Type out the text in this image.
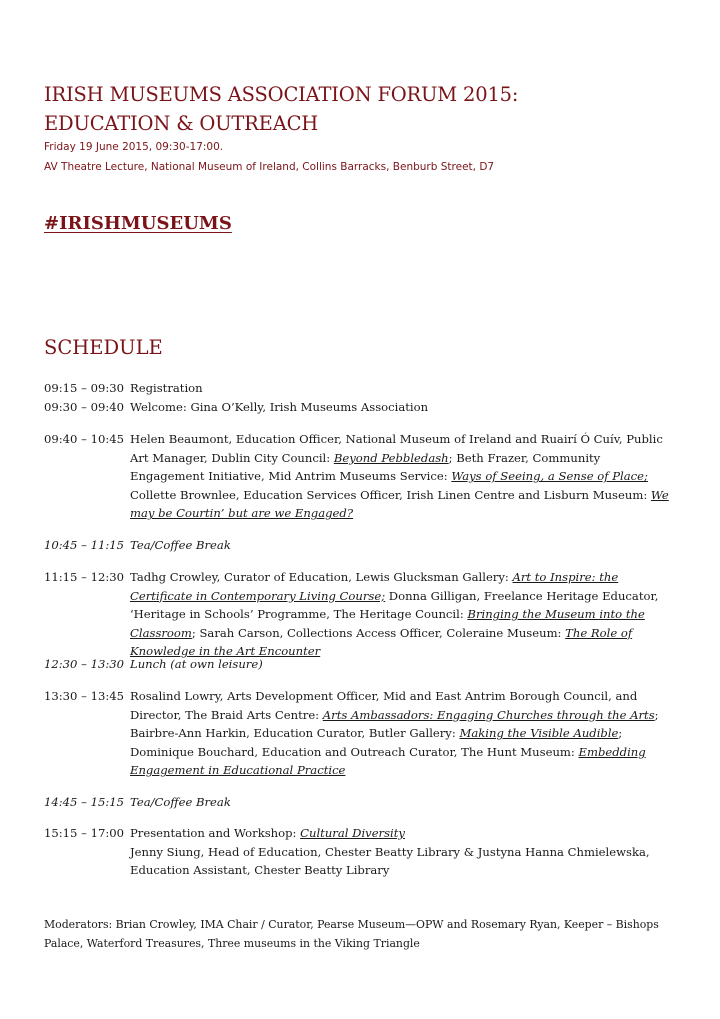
IRISH MUSEUMS ASSOCIATION FORUM 2015:
EDUCATION & OUTREACH
Friday 19 June 2015, 09:30-17:00.
AV Theatre Lecture, National Museum of Ireland, Collins Barracks, Benburb Street, D7
#IRISHMUSEUMS
SCHEDULE
09:15 – 09:30 Registration
09:30 – 09:40 Welcome: Gina O’Kelly, Irish Museums Association
09:40 – 10:45 Helen Beaumont, Education Officer, National Museum of Ireland and Ruairí Ó Cuív, Public Art Manager, Dublin City Council: Beyond Pebbledash; Beth Frazer, Community Engagement Initiative, Mid Antrim Museums Service: Ways of Seeing, a Sense of Place; Collette Brownlee, Education Services Officer, Irish Linen Centre and Lisburn Museum: We may be Courtin’ but are we Engaged?
10:45 – 11:15 Tea/Coffee Break
11:15 – 12:30 Tadhg Crowley, Curator of Education, Lewis Glucksman Gallery: Art to Inspire: the Certificate in Contemporary Living Course; Donna Gilligan, Freelance Heritage Educator, ‘Heritage in Schools’ Programme, The Heritage Council: Bringing the Museum into the Classroom; Sarah Carson, Collections Access Officer, Coleraine Museum: The Role of Knowledge in the Art Encounter
12:30 – 13:30 Lunch (at own leisure)
13:30 – 13:45 Rosalind Lowry, Arts Development Officer, Mid and East Antrim Borough Council, and Director, The Braid Arts Centre: Arts Ambassadors: Engaging Churches through the Arts; Bairbre-Ann Harkin, Education Curator, Butler Gallery: Making the Visible Audible; Dominique Bouchard, Education and Outreach Curator, The Hunt Museum: Embedding Engagement in Educational Practice
14:45 – 15:15 Tea/Coffee Break
15:15 – 17:00 Presentation and Workshop: Cultural Diversity
Jenny Siung, Head of Education, Chester Beatty Library & Justyna Hanna Chmielewska, Education Assistant, Chester Beatty Library
Moderators: Brian Crowley, IMA Chair / Curator, Pearse Museum—OPW and Rosemary Ryan, Keeper – Bishops Palace, Waterford Treasures, Three museums in the Viking Triangle
